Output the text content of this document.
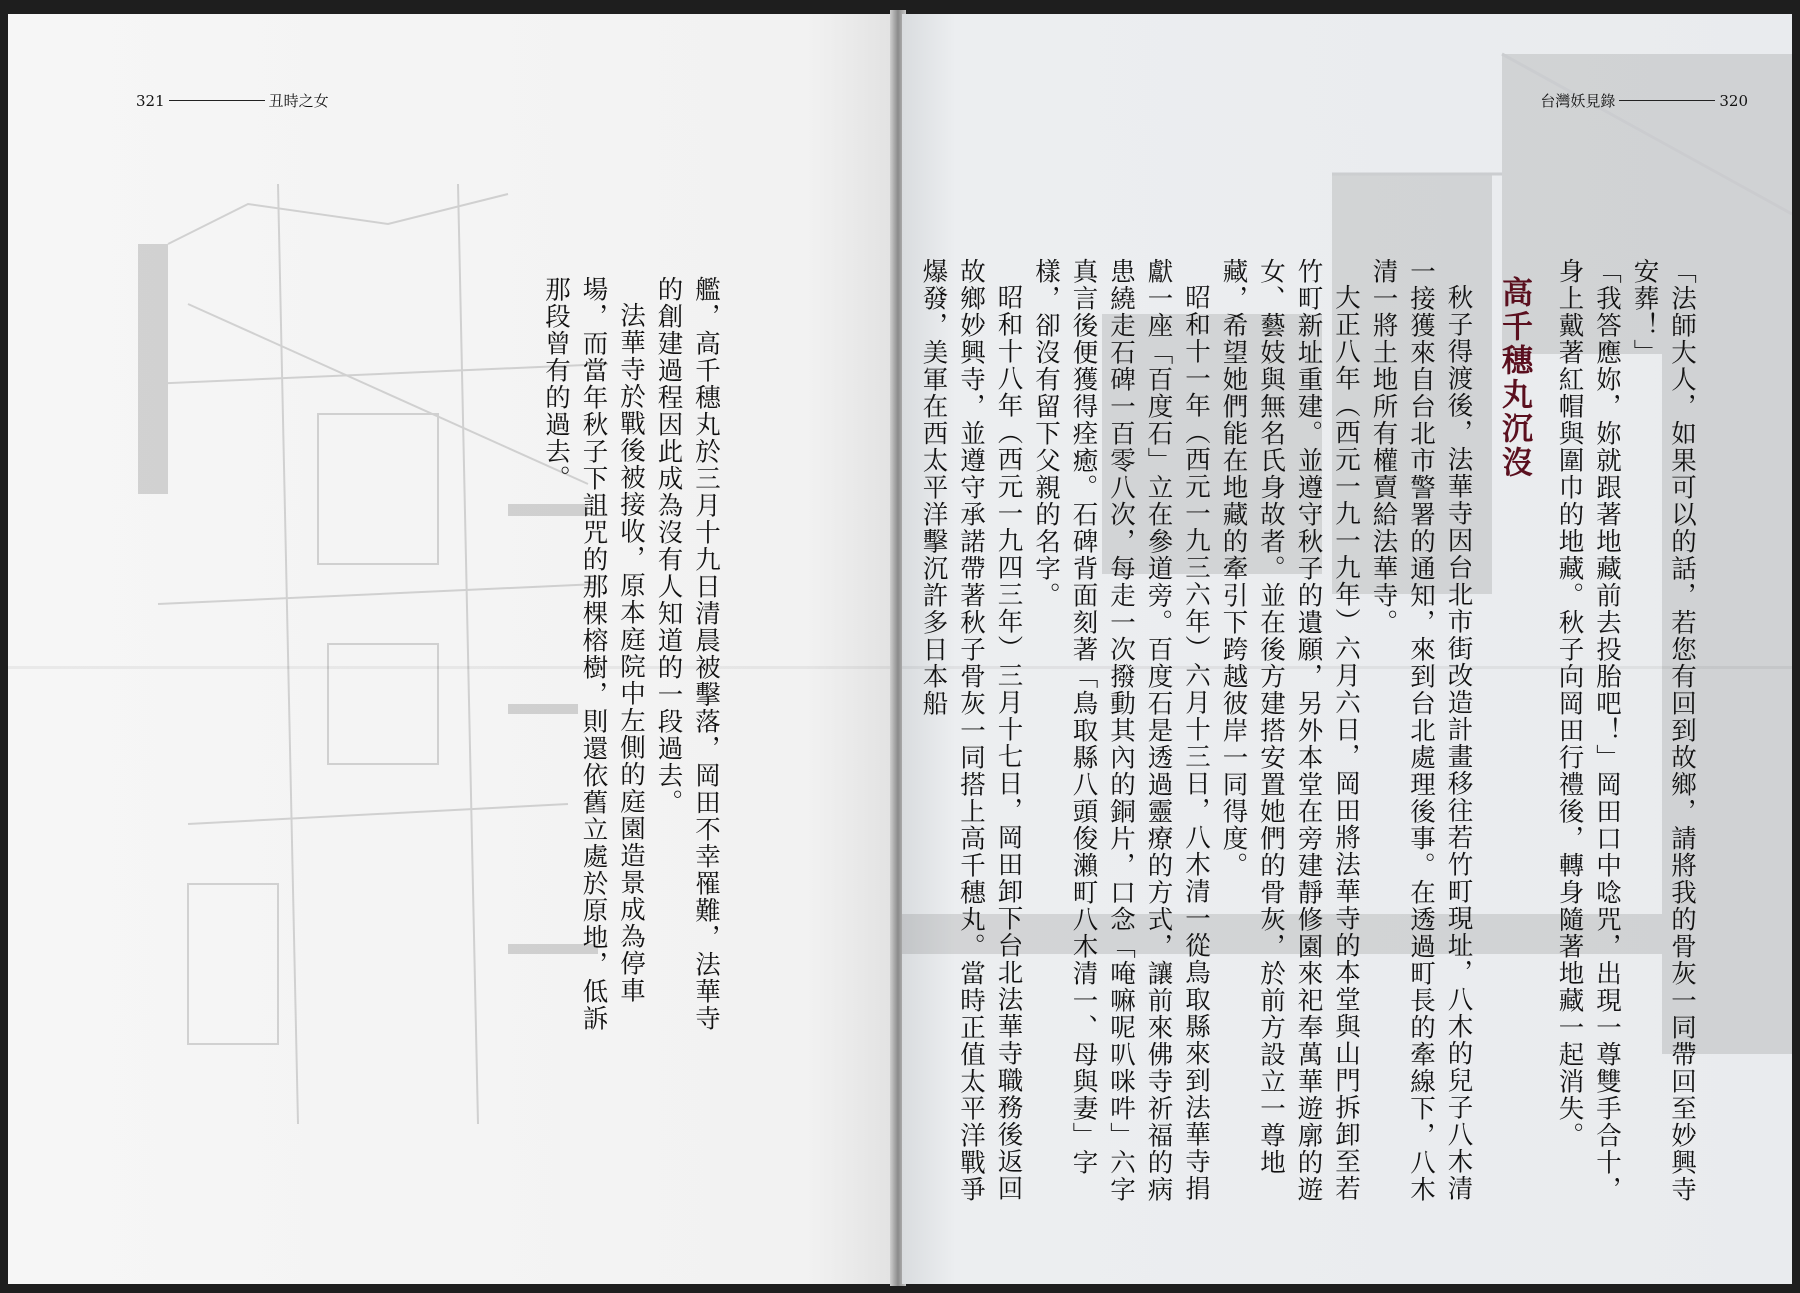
321	丑時之女

艦，高千穗丸於三月十九日清晨被擊落，岡田不幸罹難，法華寺的創建過程因此成為沒有人知道的一段過去。

法華寺於戰後被接收，原本庭院中左側的庭園造景成為停車場，而當年秋子下詛咒的那棵榕樹，則還依舊立處於原地，低訴那段曾有的過去。

台灣妖見錄	320

「法師大人，如果可以的話，若您有回到故鄉，請將我的骨灰一同帶回至妙興寺安葬！」

「我答應妳，妳就跟著地藏前去投胎吧！」岡田口中唸咒，出現一尊雙手合十，身上戴著紅帽與圍巾的地藏。秋子向岡田行禮後，轉身隨著地藏一起消失。

高千穗丸沉沒

秋子得渡後，法華寺因台北市街改造計畫移往若竹町現址，八木的兒子八木清一接獲來自台北市警署的通知，來到台北處理後事。在透過町長的牽線下，八木清一將土地所有權賣給法華寺。

大正八年（西元一九一九年）六月六日，岡田將法華寺的本堂與山門拆卸至若竹町新址重建。並遵守秋子的遺願，另外本堂在旁建靜修園來祀奉萬華遊廓的遊女、藝妓與無名氏身故者。並在後方建搭安置她們的骨灰，於前方設立一尊地藏，希望她們能在地藏的牽引下跨越彼岸一同得度。

昭和十一年（西元一九三六年）六月十三日，八木清一從鳥取縣來到法華寺捐獻一座「百度石」立在參道旁。百度石是透過靈療的方式，讓前來佛寺祈福的病患繞走石碑一百零八次，每走一次撥動其內的銅片，口念「唵嘛呢叭咪吽」六字真言後便獲得痊癒。石碑背面刻著「鳥取縣八頭俊瀨町八木清一、母與妻」字樣，卻沒有留下父親的名字。

昭和十八年（西元一九四三年）三月十七日，岡田卸下台北法華寺職務後返回故鄉妙興寺，並遵守承諾帶著秋子骨灰一同搭上高千穗丸。當時正值太平洋戰爭爆發，美軍在西太平洋擊沉許多日本船
